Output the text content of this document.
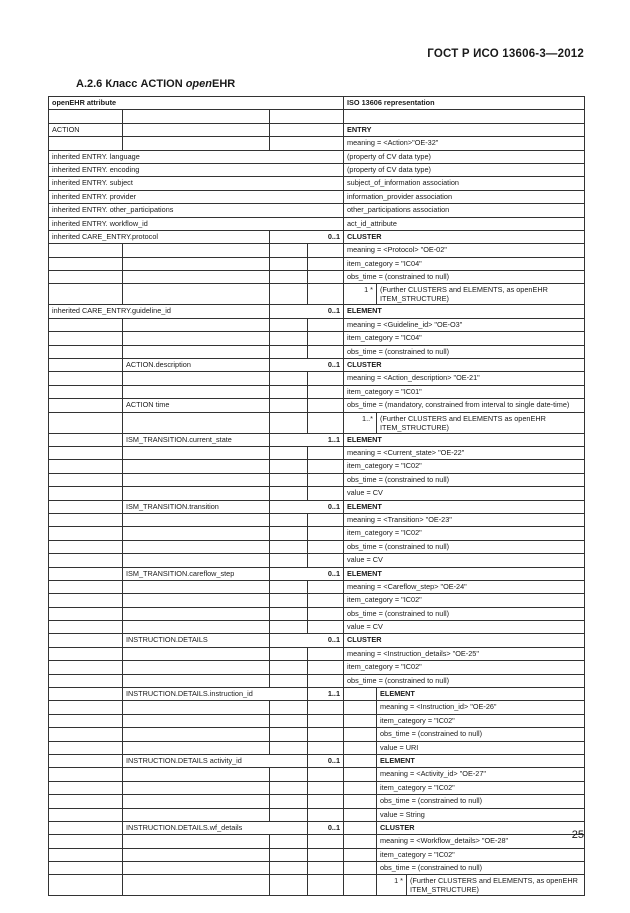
ГОСТ Р ИСО 13606-3—2012
А.2.6 Класс ACTION openEHR
openEHR attribute				ISO 13606 representation		

ACTION				ENTRY		
				meaning = <Action>"OE-32"		
inherited ENTRY. language				(property of CV data type)		
inherited ENTRY. encoding				(property of CV data type)		
inherited ENTRY. subject				subject_of_information association		
inherited ENTRY. provider				information_provider association		
inherited ENTRY. other_participations				other_participations association		
inherited ENTRY. workflow_id				act_id_attribute		
inherited CARE_ENTRY.protocol		0..1		CLUSTER		
				meaning = <Protocol> "OE-02"		
				item_category = "IC04"		
				obs_time = (constrained to null)		
				1 *	(Further CLUSTERS and ELEMENTS, as openEHR ITEM_STRUCTURE)	
inherited CARE_ENTRY.guideline_id		0..1		ELEMENT		
				meaning = <Guideline_id> "OE-O3"		
				item_category = "IC04"		
				obs_time = (constrained to null)		
	ACTION.description	0..1		CLUSTER		
				meaning = <Action_description> "OE-21"		
				item_category = "IC01"		
	ACTION time			obs_time = (mandatory, constrained from interval to single date-time)		
				1..*	(Further CLUSTERS and ELEMENTS as openEHR ITEM_STRUCTURE)	
	ISM_TRANSITION.current_state	1..1		ELEMENT		
				meaning = <Current_state> "OE-22"		
				item_category = "IC02"		
				obs_time = (constrained to null)		
				value = CV		
	ISM_TRANSITION.transition	0..1		ELEMENT		
				meaning = <Transition> "OE-23"		
				item_category = "IC02"		
				obs_time = (constrained to null)		
				value = CV		
	ISM_TRANSITION.careflow_step	0..1		ELEMENT		
				meaning = <Careflow_step> "OE-24"		
				item_category = "IC02"		
				obs_time = (constrained to null)		
				value = CV		
	INSTRUCTION.DETAILS	0..1		CLUSTER		
				meaning = <Instruction_details> "OE-25"		
				item_category = "IC02"		
				obs_time = (constrained to null)		
	INSTRUCTION.DETAILS.instruction_id		1..1		ELEMENT	
					meaning = <Instruction_id> "OE-26"	
					item_category = "IC02"	
					obs_time = (constrained to null)	
					value = URI	
	INSTRUCTION.DETAILS activity_id		0..1		ELEMENT	
					meaning = <Activity_id> "OE-27"	
					item_category = "IC02"	
					obs_time = (constrained to null)	
					value = String	
	INSTRUCTION.DETAILS.wf_details		0..1		CLUSTER	
					meaning = <Workflow_details> "OE-28"	
					item_category = "IC02"	
					obs_time = (constrained to null)	
					1 *	(Further CLUSTERS and ELEMENTS, as openEHR ITEM_STRUCTURE)
25
